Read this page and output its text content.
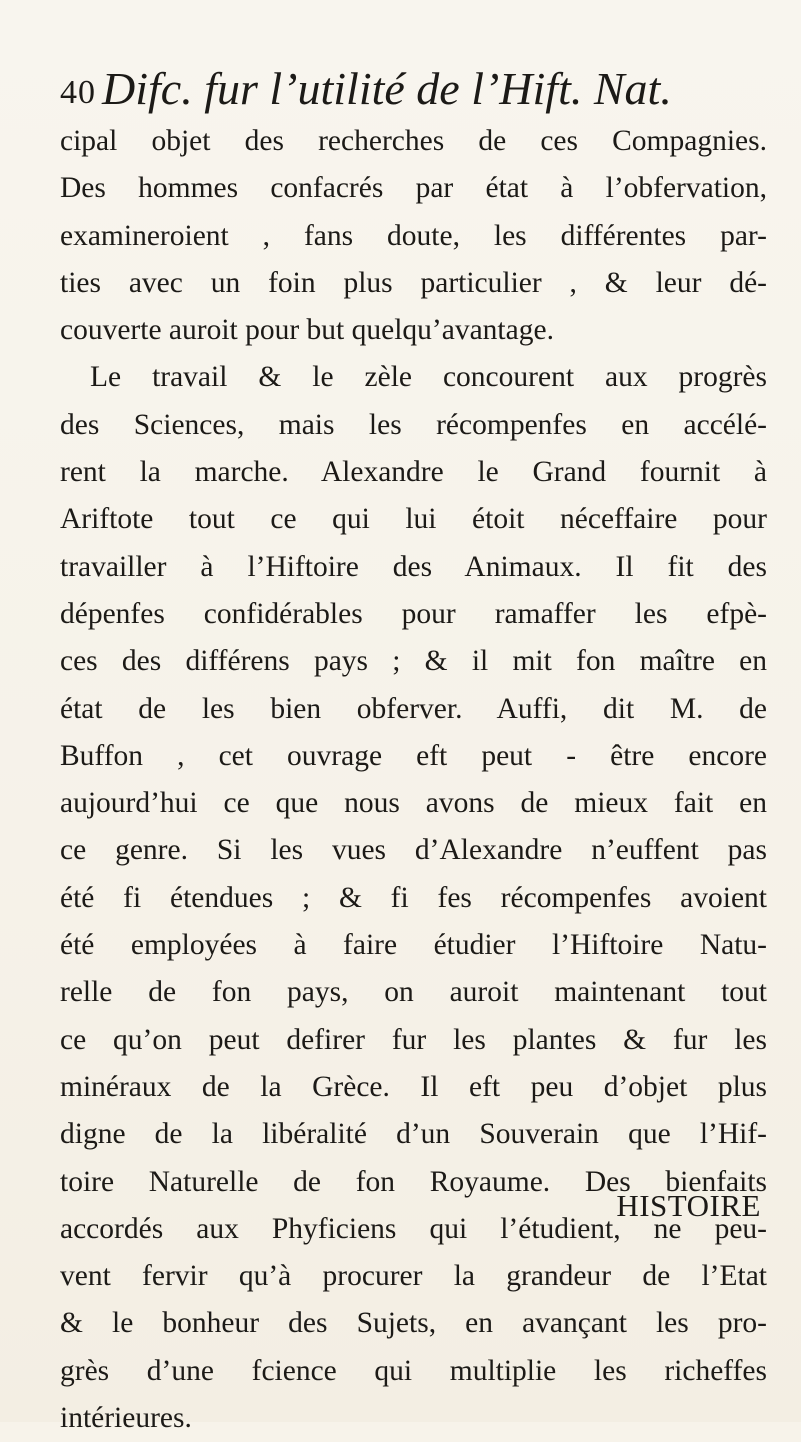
40 Difc. fur l’utilité de l’Hift. Nat.
cipal objet des recherches de ces Compagnies.
Des hommes confacrés par état à l’obfervation,
examineroient , fans doute, les différentes par-
ties avec un foin plus particulier , & leur dé-
couverte auroit pour but quelqu’avantage.
Le travail & le zèle concourent aux progrès
des Sciences, mais les récompenfes en accélé-
rent la marche. Alexandre le Grand fournit à
Ariftote tout ce qui lui étoit néceffaire pour
travailler à l’Hiftoire des Animaux. Il fit des
dépenfes confidérables pour ramaffer les efpè-
ces des différens pays ; & il mit fon maître en
état de les bien obferver. Auffi, dit M. de
Buffon , cet ouvrage eft peut - être encore
aujourd’hui ce que nous avons de mieux fait en
ce genre. Si les vues d’Alexandre n’euffent pas
été fi étendues ; & fi fes récompenfes avoient
été employées à faire étudier l’Hiftoire Natu-
relle de fon pays, on auroit maintenant tout
ce qu’on peut defirer fur les plantes & fur les
minéraux de la Grèce. Il eft peu d’objet plus
digne de la libéralité d’un Souverain que l’Hif-
toire Naturelle de fon Royaume. Des bienfaits
accordés aux Phyficiens qui l’étudient, ne peu-
vent fervir qu’à procurer la grandeur de l’Etat
& le bonheur des Sujets, en avançant les pro-
grès d’une fcience qui multiplie les richeffes
intérieures.
HISTOIRE
